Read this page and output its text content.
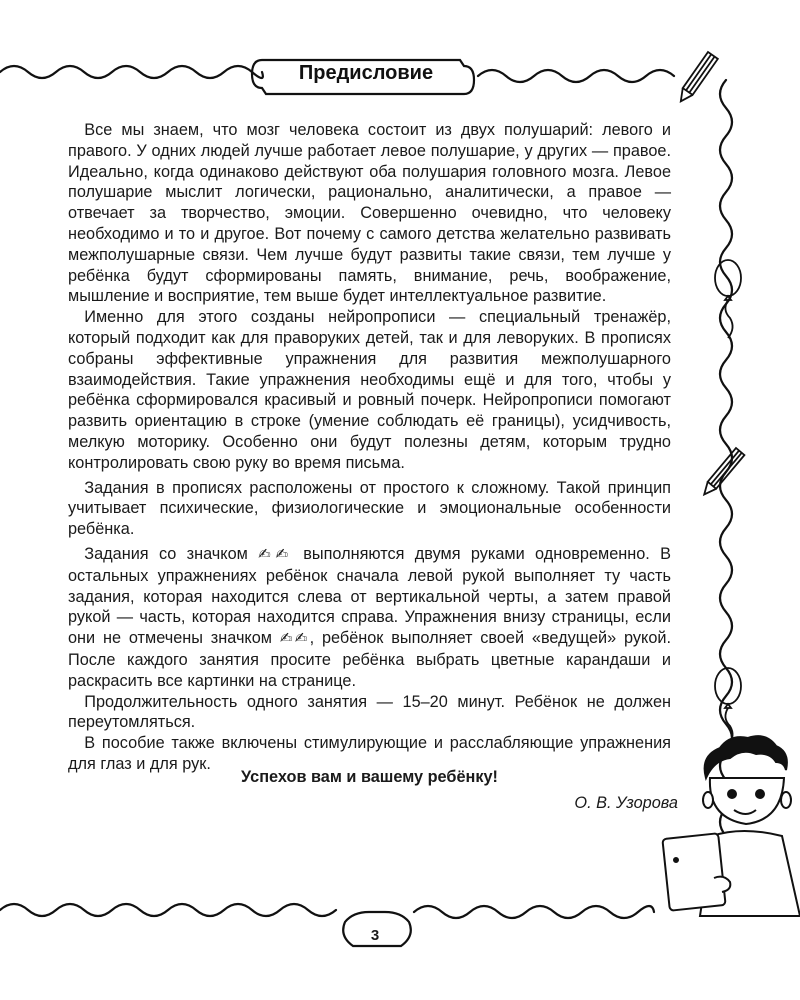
Предисловие

 Все мы знаем, что мозг человека состоит из двух полушарий: левого и правого. У одних людей лучше работает левое полушарие, у других — правое. Идеально, когда одинаково действуют оба полушария головного мозга. Левое полушарие мыслит логически, рационально, аналитически, а правое — отвечает за творчество, эмоции. Совершенно очевидно, что человеку необходимо и то и другое. Вот почему с самого детства желательно развивать межполушарные связи. Чем лучше будут развиты такие связи, тем лучше у ребёнка будут сформированы память, внимание, речь, воображение, мышление и восприятие, тем выше будет интеллектуальное развитие.

 Именно для этого созданы нейропрописи — специальный тренажёр, который подходит как для праворуких детей, так и для леворуких. В прописях собраны эффективные упражнения для развития межполушарного взаимодействия. Такие упражнения необходимы ещё и для того, чтобы у ребёнка сформировался красивый и ровный почерк. Нейропрописи помогают развить ориентацию в строке (умение соблюдать её границы), усидчивость, мелкую моторику. Особенно они будут полезны детям, которым трудно контролировать свою руку во время письма.

 Задания в прописях расположены от простого к сложному. Такой принцип учитывает психические, физиологические и эмоциональные особенности ребёнка.

 Задания со значком ✍︎✍ выполняются двумя руками одновременно. В остальных упражнениях ребёнок сначала левой рукой выполняет ту часть задания, которая находится слева от вертикальной черты, а затем правой рукой — часть, которая находится справа. Упражнения внизу страницы, если они не отмечены значком ✍︎✍, ребёнок выполняет своей «ведущей» рукой. После каждого занятия просите ребёнка выбрать цветные карандаши и раскрасить все картинки на странице.

 Продолжительность одного занятия — 15–20 минут. Ребёнок не должен переутомляться.

 В пособие также включены стимулирующие и расслабляющие упражнения для глаз и для рук.

Успехов вам и вашему ребёнку!
О. В. Узорова
3
